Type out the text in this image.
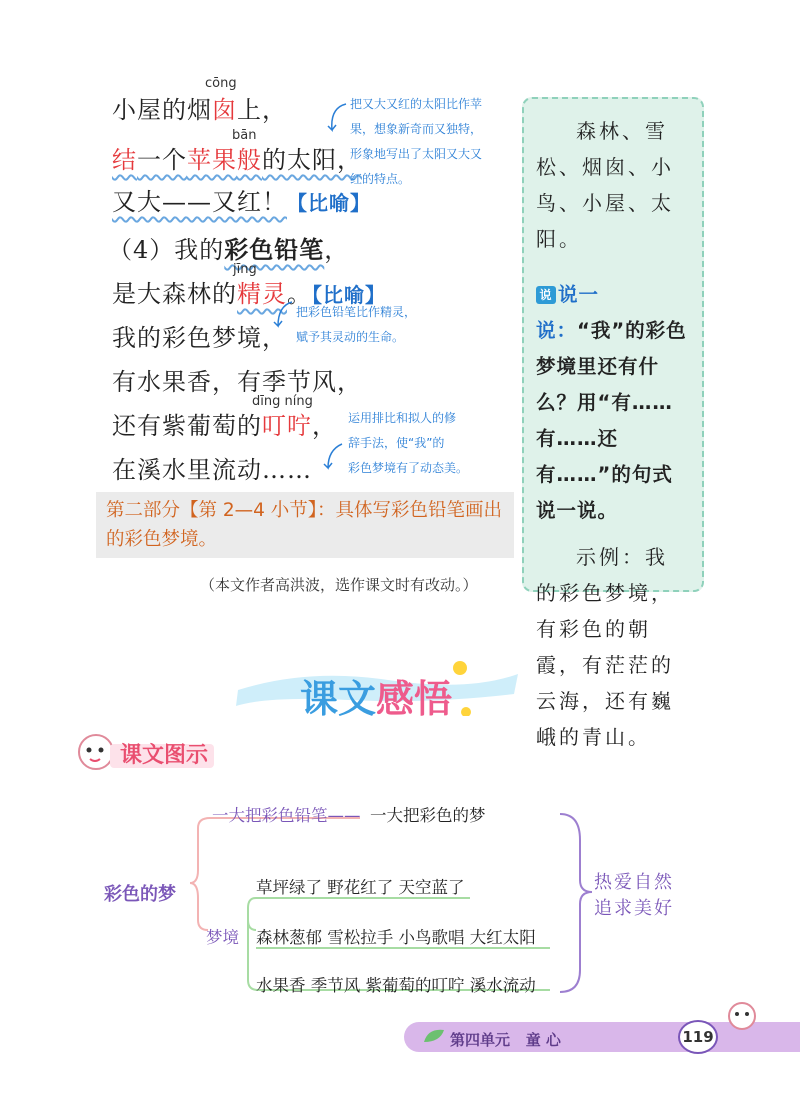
cōng
小屋的烟囱上，
bān
结一个苹果般的太阳，
又大——又红！【比喻】
（4）我的彩色铅笔，
jīng
是大森林的精灵。【比喻】
我的彩色梦境，
有水果香，有季节风，
dīng níng
还有紫葡萄的叮咛，
在溪水里流动……
把又大又红的太阳比作苹
果，想象新奇而又独特，
形象地写出了太阳又大又
红的特点。
把彩色铅笔比作精灵，
赋予其灵动的生命。
运用排比和拟人的修
辞手法，使“我”的
彩色梦境有了动态美。
第二部分【第 2—4 小节】：具体写彩色铅笔画出的彩色梦境。
（本文作者高洪波，选作课文时有改动。）
森林、雪松、烟囱、小鸟、小屋、太阳。
说 说一说：“我”的彩色梦境里还有什么？用“有……有……还有……”的句式说一说。
示例：我的彩色梦境，有彩色的朝霞，有茫茫的云海，还有巍峨的青山。
课文感悟
课文图示
一大把彩色铅笔—— 一大把彩色的梦
彩色的梦
梦境
草坪绿了 野花红了 天空蓝了
森林葱郁 雪松拉手 小鸟歌唱 大红太阳
水果香 季节风 紫葡萄的叮咛 溪水流动
热爱自然
追求美好
第四单元 童 心	119
